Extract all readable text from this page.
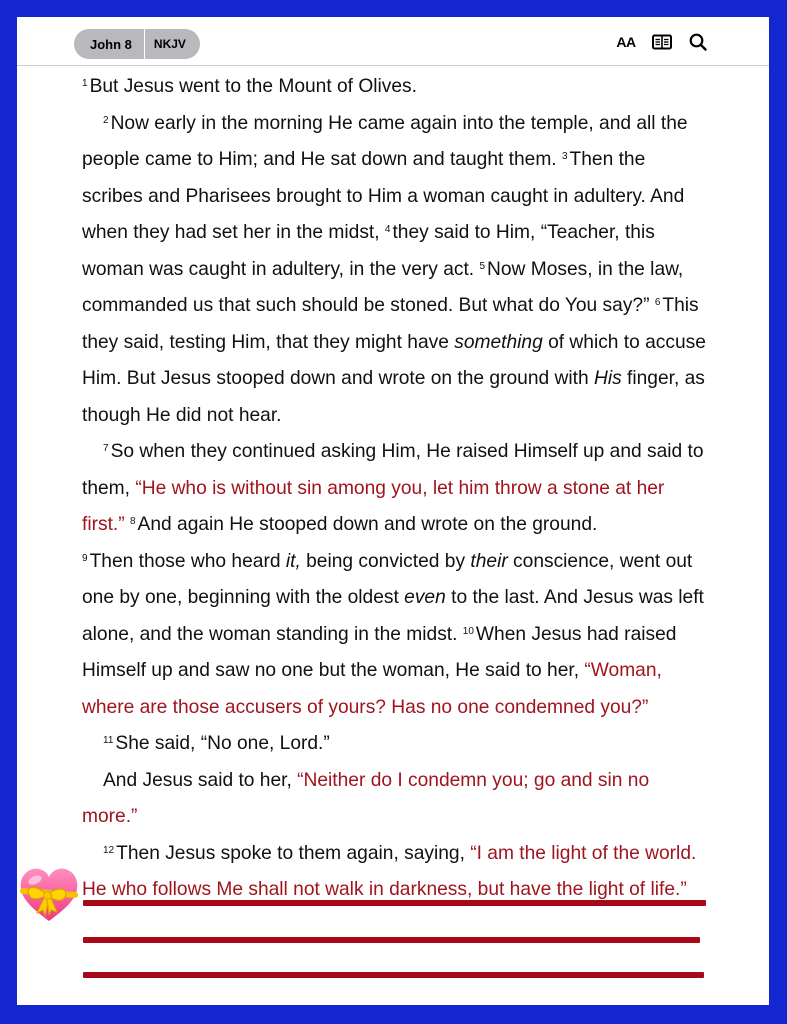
John 8	NKJV	AA

$^1$ But Jesus went to the Mount of Olives.

$^2$ Now early in the morning He came again into the temple, and all the people came to Him; and He sat down and taught them. $^3$ Then the scribes and Pharisees brought to Him a woman caught in adultery. And when they had set her in the midst, $^4$ they said to Him, “Teacher, this woman was caught in adultery, in the very act. $^5$ Now Moses, in the law, commanded us that such should be stoned. But what do You say?” $^6$ This they said, testing Him, that they might have something of which to accuse Him. But Jesus stooped down and wrote on the ground with His finger, as though He did not hear.

$^7$ So when they continued asking Him, He raised Himself up and said to them, “He who is without sin among you, let him throw a stone at her first.” $^8$ And again He stooped down and wrote on the ground.
$^9$ Then those who heard it, being convicted by their conscience, went out one by one, beginning with the oldest even to the last. And Jesus was left alone, and the woman standing in the midst. $^{10}$ When Jesus had raised Himself up and saw no one but the woman, He said to her, “Woman, where are those accusers of yours? Has no one condemned you?”

$^{11}$ She said, “No one, Lord.”

And Jesus said to her, “Neither do I condemn you; go and sin no more.”

$^{12}$ Then Jesus spoke to them again, saying, “I am the light of the world. He who follows Me shall not walk in darkness, but have the light of life.”
